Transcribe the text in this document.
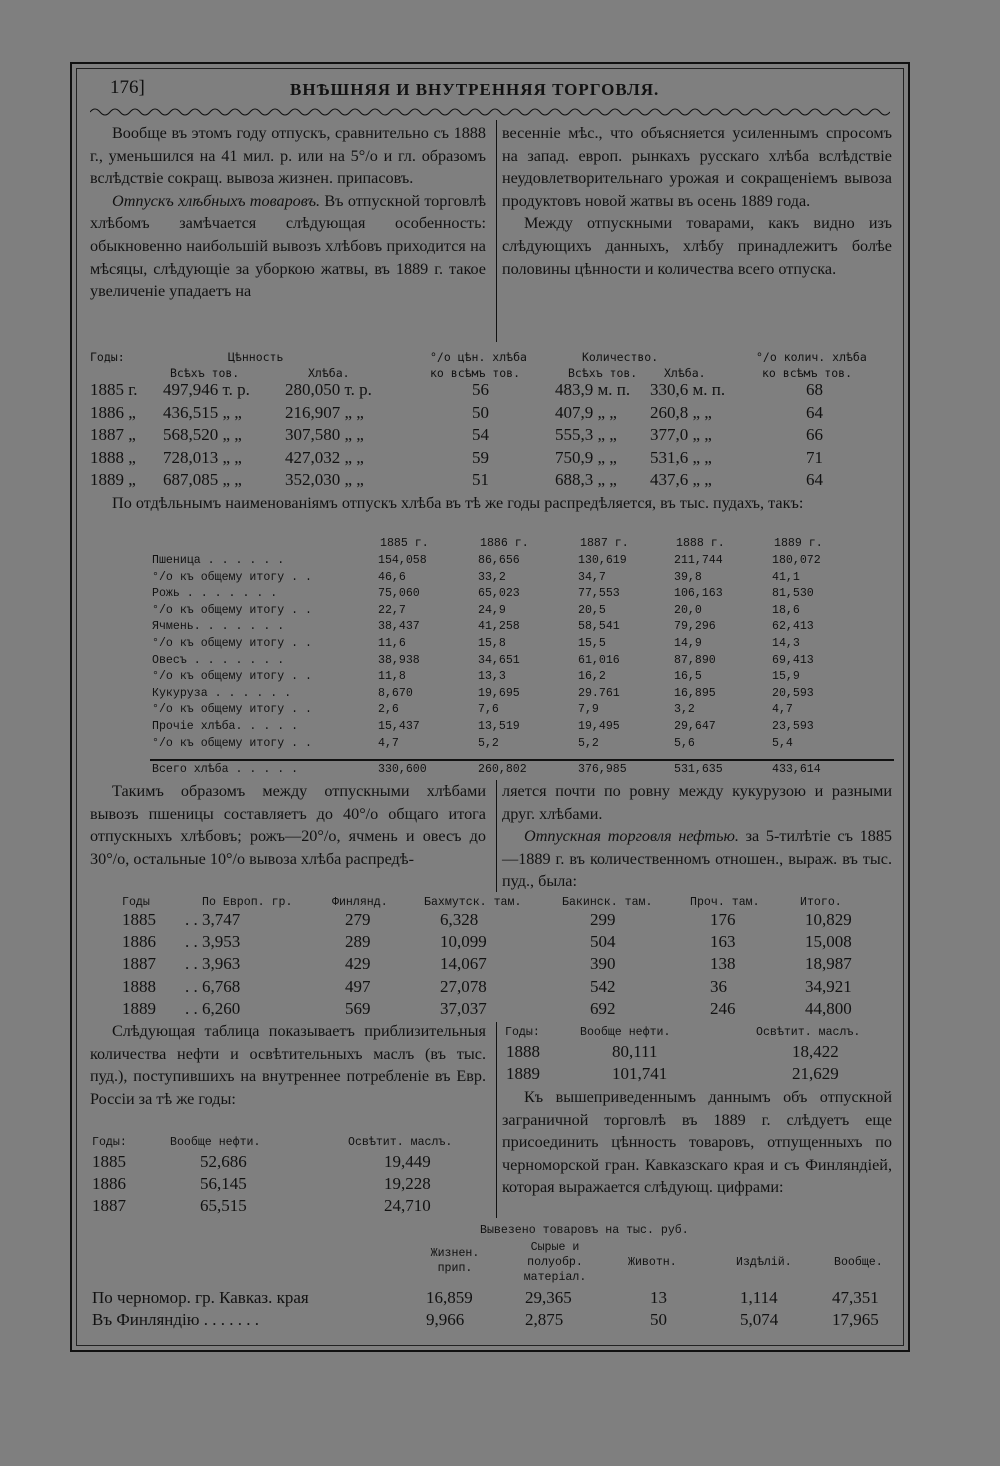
176]	ВНѢШНЯЯ И ВНУТРЕННЯЯ ТОРГОВЛЯ.

Вообще въ этомъ году отпускъ, сравнительно съ 1888 г., уменьшился на 41 мил. р. или на 5°/о и гл. образомъ вслѣдствіе сокращ. вывоза жизнен. припасовъ.

Отпускъ хлѣбныхъ товаровъ. Въ отпускной торговлѣ хлѣбомъ замѣчается слѣдующая особенность: обыкновенно наибольшій вывозъ хлѣбовъ приходится на мѣсяцы, слѣдующіе за уборкою жатвы, въ 1889 г. такое увеличеніе упадаетъ на

весенніе мѣс., что объясняется усиленнымъ спросомъ на запад. европ. рынкахъ русскаго хлѣба вслѣдствіе неудовлетворительнаго урожая и сокращеніемъ вывоза продуктовъ новой жатвы въ осень 1889 года.

Между отпускными товарами, какъ видно изъ слѣдующихъ данныхъ, хлѣбу принадлежитъ болѣе половины цѣнности и количества всего отпуска.

Годы:	Цѣнность
Всѣхъ тов.	Хлѣба.
°/о цѣн. хлѣба
ко всѣмъ тов.
Количество.
Всѣхъ тов. Хлѣба.
°/о колич. хлѣба
ко всѣмъ тов.
1885 г. 497,946 т. р. 280,050 т. р.	56	483,9 м. п. 330,6 м. п.	68
1886 „ 436,515 „ „	216,907 „ „	50	407,9 „ „ 260,8 „ „	64
1887 „ 568,520 „ „	307,580 „ „	54	555,3 „ „ 377,0 „ „	66
1888 „ 728,013 „ „	427,032 „ „	59	750,9 „ „ 531,6 „ „	71
1889 „ 687,085 „ „	352,030 „ „	51	688,3 „ „ 437,6 „ „	64

По отдѣльнымъ наименованіямъ отпускъ хлѣба въ тѣ же годы распредѣляется, въ тыс. пудахъ, такъ:

1885 г.	1886 г.	1887 г.	1888 г.	1889 г.
Пшеница . . . . . .	154,058	86,656	130,619	211,744	180,072
°/о къ общему итогу . .	46,6	33,2	34,7	39,8	41,1
Рожь . . . . . . .	75,060	65,023	77,553	106,163	81,530
°/о къ общему итогу . .	22,7	24,9	20,5	20,0	18,6
Ячмень. . . . . . .	38,437	41,258	58,541	79,296	62,413
°/о къ общему итогу . .	11,6	15,8	15,5	14,9	14,3
Овесъ . . . . . . .	38,938	34,651	61,016	87,890	69,413
°/о къ общему итогу . .	11,8	13,3	16,2	16,5	15,9
Кукуруза . . . . . .	8,670	19,695	29.761	16,895	20,593
°/о къ общему итогу . .	2,6	7,6	7,9	3,2	4,7
Прочіе хлѣба. . . . .	15,437	13,519	19,495	29,647	23,593
°/о къ общему итогу . .	4,7	5,2	5,2	5,6	5,4
Всего хлѣба . . . . .	330,600	260,802	376,985	531,635	433,614

Такимъ образомъ между отпускными хлѣбами вывозъ пшеницы составляетъ до 40°/о общаго итога отпускныхъ хлѣбовъ; рожъ—20°/о, ячмень и овесъ до 30°/о, остальные 10°/о вывоза хлѣба распредѣ-

ляется почти по ровну между кукурузою и разными друг. хлѣбами.

Отпускная торговля нефтью. за 5-тилѣтіе съ 1885—1889 г. въ количественномъ отношен., выраж. въ тыс. пуд., была:

Годы	По Европ. гр.	Финлянд.	Бахмутск. там.	Бакинск. там.	Проч. там.	Итого.
1885 . . 3,747	279	6,328	299	176	10,829
1886 . . 3,953	289	10,099	504	163	15,008
1887 . . 3,963	429	14,067	390	138	18,987
1888 . . 6,768	497	27,078	542	36	34,921
1889 . . 6,260	569	37,037	692	246	44,800

Слѣдующая таблица показываетъ приблизительныя количества нефти и освѣтительныхъ маслъ (въ тыс. пуд.), поступившихъ на внутреннее потребленіе въ Евр. Россіи за тѣ же годы:

Годы:	Вообще нефти.	Освѣтит. маслъ.
1885	52,686	19,449
1886	56,145	19,228
1887	65,515	24,710
Годы:	Вообще нефти.	Освѣтит. маслъ.
1888	80,111	18,422
1889	101,741	21,629

Къ вышеприведеннымъ даннымъ объ отпускной заграничной торговлѣ въ 1889 г. слѣдуетъ еще присоединить цѣнность товаровъ, отпущенныхъ по черноморской гран. Кавказскаго края и съ Финляндіей, которая выражается слѣдующ. цифрами:

Вывезено товаровъ на тыс. руб.
Жизнен. прип.
Сырые и полуобр. матеріал.
Животн.	Издѣлій.	Вообще.
По черномор. гр. Кавказ. края	16,859	29,365	13	1,114	47,351
Въ Финляндію . . . . . . .	9,966	2,875	50	5,074	17,965
